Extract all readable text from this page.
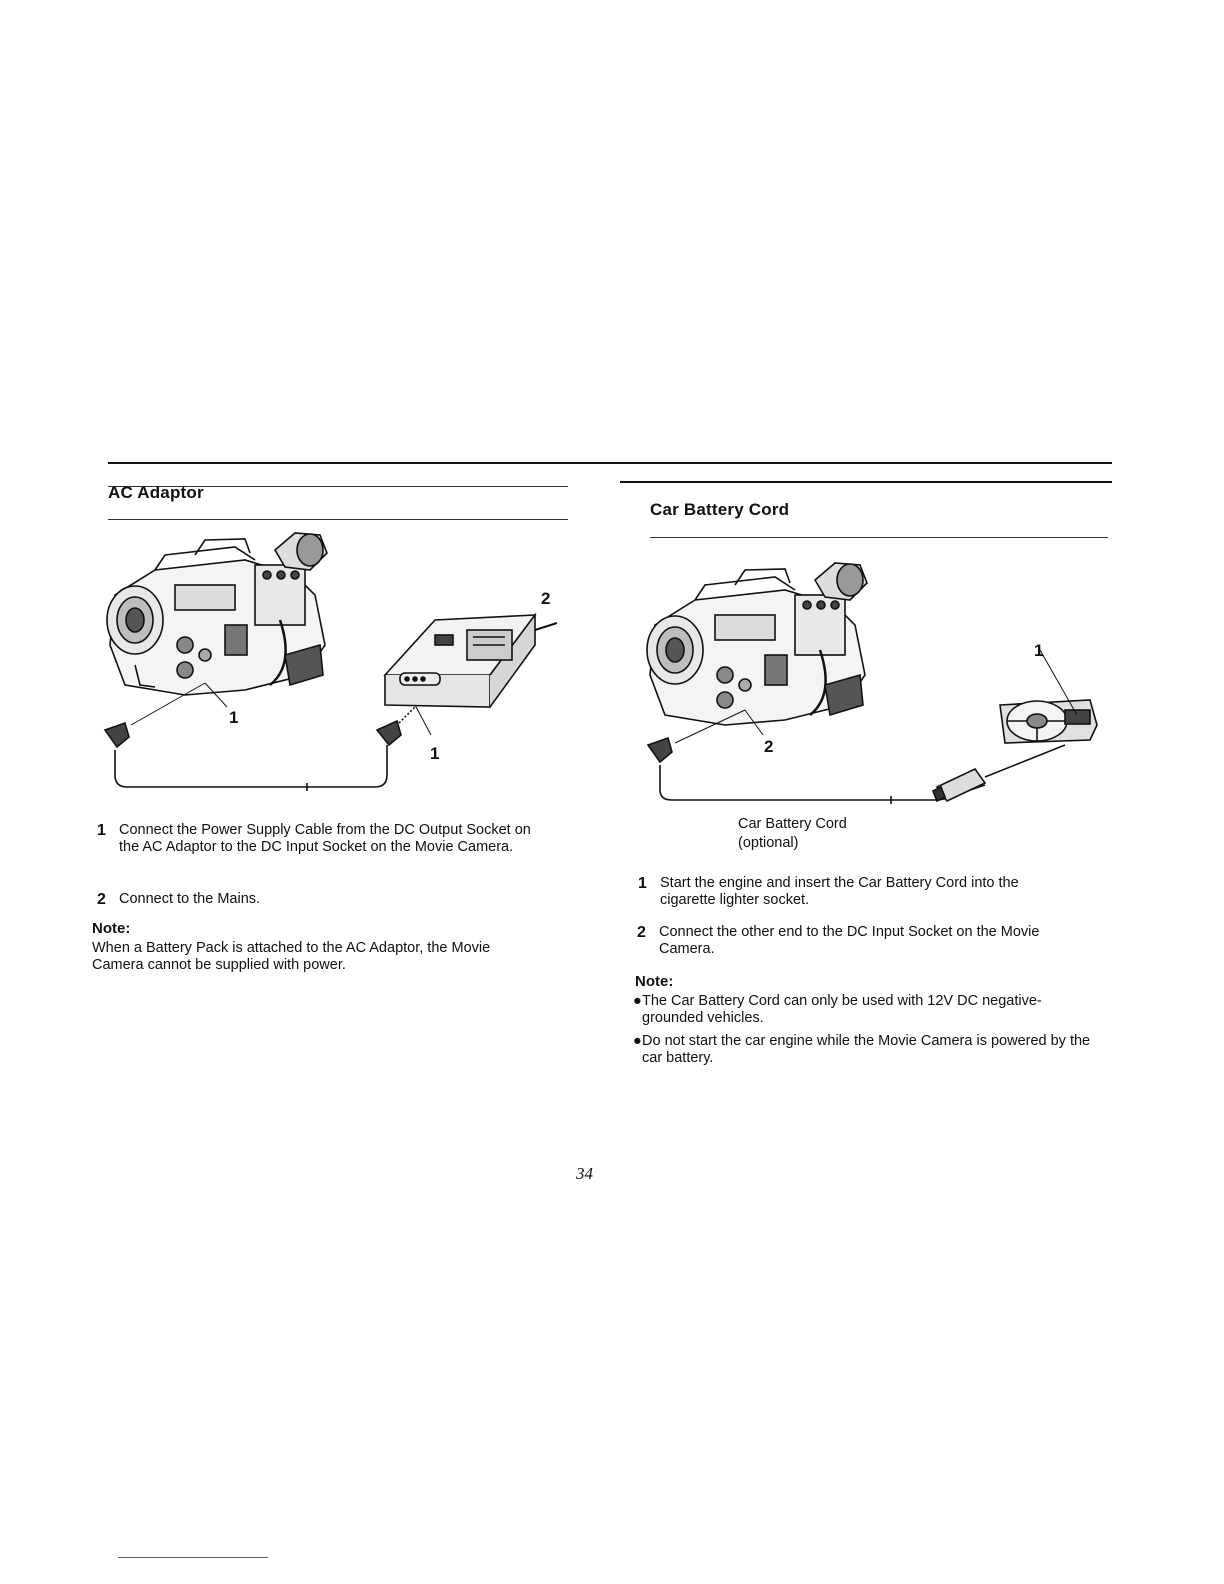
AC Adaptor
1
1
2
1 Connect the Power Supply Cable from the DC Output Socket on the AC Adaptor to the DC Input Socket on the Movie Camera.
2 Connect to the Mains.
Note:
When a Battery Pack is attached to the AC Adaptor, the Movie Camera cannot be supplied with power.
Car Battery Cord
1
2
Car Battery Cord
(optional)
1 Start the engine and insert the Car Battery Cord into the cigarette lighter socket.
2 Connect the other end to the DC Input Socket on the Movie Camera.
Note:
● The Car Battery Cord can only be used with 12V DC negative-grounded vehicles.
● Do not start the car engine while the Movie Camera is powered by the car battery.
34
